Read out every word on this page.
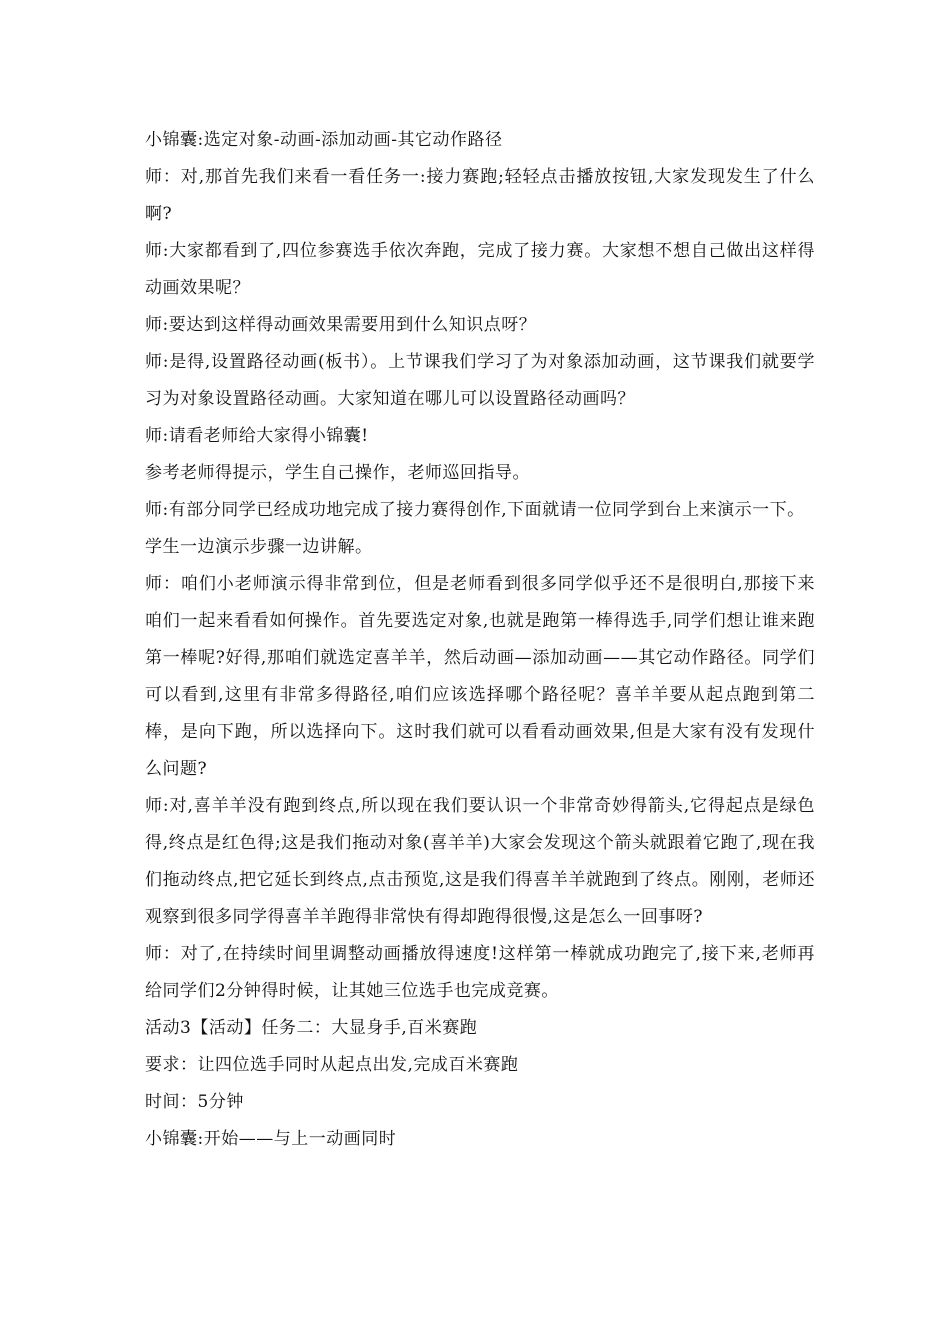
小锦囊:选定对象-动画-添加动画-其它动作路径

师：对,那首先我们来看一看任务一:接力赛跑;轻轻点击播放按钮,大家发现发生了什么啊?

师:大家都看到了,四位参赛选手依次奔跑，完成了接力赛。大家想不想自己做出这样得动画效果呢？

师:要达到这样得动画效果需要用到什么知识点呀？

师:是得,设置路径动画(板书）。上节课我们学习了为对象添加动画，这节课我们就要学习为对象设置路径动画。大家知道在哪儿可以设置路径动画吗？

师:请看老师给大家得小锦囊!

参考老师得提示，学生自己操作，老师巡回指导。

师:有部分同学已经成功地完成了接力赛得创作,下面就请一位同学到台上来演示一下。

学生一边演示步骤一边讲解。

师：咱们小老师演示得非常到位，但是老师看到很多同学似乎还不是很明白,那接下来咱们一起来看看如何操作。首先要选定对象,也就是跑第一棒得选手,同学们想让谁来跑第一棒呢?好得,那咱们就选定喜羊羊，然后动画—添加动画——其它动作路径。同学们可以看到,这里有非常多得路径,咱们应该选择哪个路径呢？喜羊羊要从起点跑到第二棒，是向下跑，所以选择向下。这时我们就可以看看动画效果,但是大家有没有发现什么问题?

师:对,喜羊羊没有跑到终点,所以现在我们要认识一个非常奇妙得箭头,它得起点是绿色得,终点是红色得;这是我们拖动对象(喜羊羊)大家会发现这个箭头就跟着它跑了,现在我们拖动终点,把它延长到终点,点击预览,这是我们得喜羊羊就跑到了终点。刚刚，老师还观察到很多同学得喜羊羊跑得非常快有得却跑得很慢,这是怎么一回事呀?

师：对了,在持续时间里调整动画播放得速度!这样第一棒就成功跑完了,接下来,老师再给同学们2分钟得时候，让其她三位选手也完成竞赛。

活动3【活动】任务二：大显身手,百米赛跑

要求：让四位选手同时从起点出发,完成百米赛跑

时间：5分钟

小锦囊:开始——与上一动画同时
